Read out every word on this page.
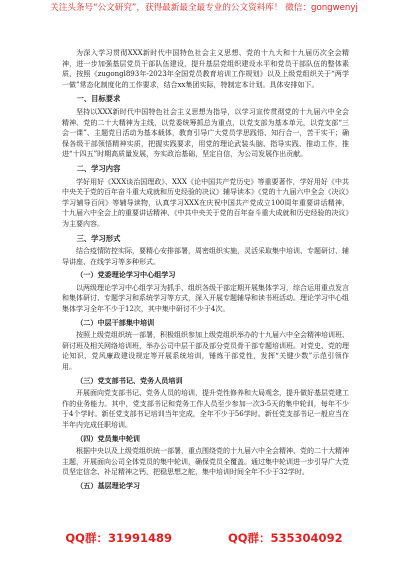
关注头条号“公文研究”，获得最新最全最专业的公文资料库！ 微信：gongwenyj

为深入学习贯彻XXX新时代中国特色社会主义思想、党的十九大和十九届历次全会精神，进一步加强基层党员干部队伍建设，提升基层党组织建设水平和党员干部队伍的整体素质，按照《zugongl893年-2023年全国党员教育培训工作规划》以及上级党组织关于“两学一做”常态化制度化的工作要求，结合xx集团实际，特制定本计划。具体安排如下。

一、目标要求

坚持以XXX新时代中国特色社会主义思想为指导，以学习宣传贯彻党的十九届六中全会精神、党的二十大精神为主线，以党委统筹抓总为重点，以党支部为基本单元，以党支部“三会一课”、主题党日活动为基本载体，教育引导广大党员学思践悟、知行合一，苦干实干；确保各级干部领悟精神实质，把握实践要求，用党的理论武装头脑、指导实践、推动工作，推进“十四五”时期高质量发展，夯实政治基础，坚定自信，为公司发展作出贡献。

二、学习内容

学好用好《XXX谈治国理政》、XXX《论中国共产党历史》等重要著作，学好用好《中共中央关于党的百年奋斗重大成就和历史经验的决议》辅导读本》《党的十九届六中全会《决议》学习辅导百问》等辅导读物，认真学习XXX在庆祝中国共产党成立100周年重要讲话精神、十九届六中全会上的重要讲话精神、《中共中央关于党的百年奋斗重大成就和历史经验的决议》为主要内容。

三、学习形式

结合疫情防控实际，要精心安排部署，周密组织实施，灵活采取集中培训、专题研讨、辅导讲座、在线学习等多种形式。

（一）党委理论学习中心组学习

以两级理论学习中心组学习为抓手，组织各级干部定期开展集体学习，综合运用重点发言和集体研讨、专题学习和系统学习等方式，深入开展专题辅导和读书班活动。理论学习中心组集体学习全年不少于12次，其中集中研讨不少于4次。

（二）中层干部集中培训

按照上级党组织统一部署，积极组织参加上级党组织举办的十九届六中全会精神培训班、研讨班及相关网络培训班，举办公司中层干部及部分党员骨干部专题培训班。对党史、党的理论知识、党风廉政建设规定等开展系统培训，锤炼干部党性，发挥“关键少数”示范引领作用。

（三）党支部书记、党务人员培训

开展面向党支部书记、党务人员的培训，提升党性修养和大局观念，提升做好基层党建工作的业务能力。其中，党支部书记和党务工作人员至少参加一次3-5天的集中轮训，每年不少于4个学时。新任党支部书记培训当年完成，全年不少于56学时。新任党支部书记一般应当在半年内完成任职培训。

（四）党员集中轮训

根据中央以及上级党组织统一部署，重点围绕党的十九届六中全会精神、党的二十大精神主题，开展面向公司全体党员的集中轮训，确保党员全覆盖。通过集中轮训进一步引导广大党员坚定信念、补足精神之钙，把稳思想之舵，集中培训时间全年不少于32学时。

（五）基层理论学习
QQ群：31991489	QQ群：535304092
